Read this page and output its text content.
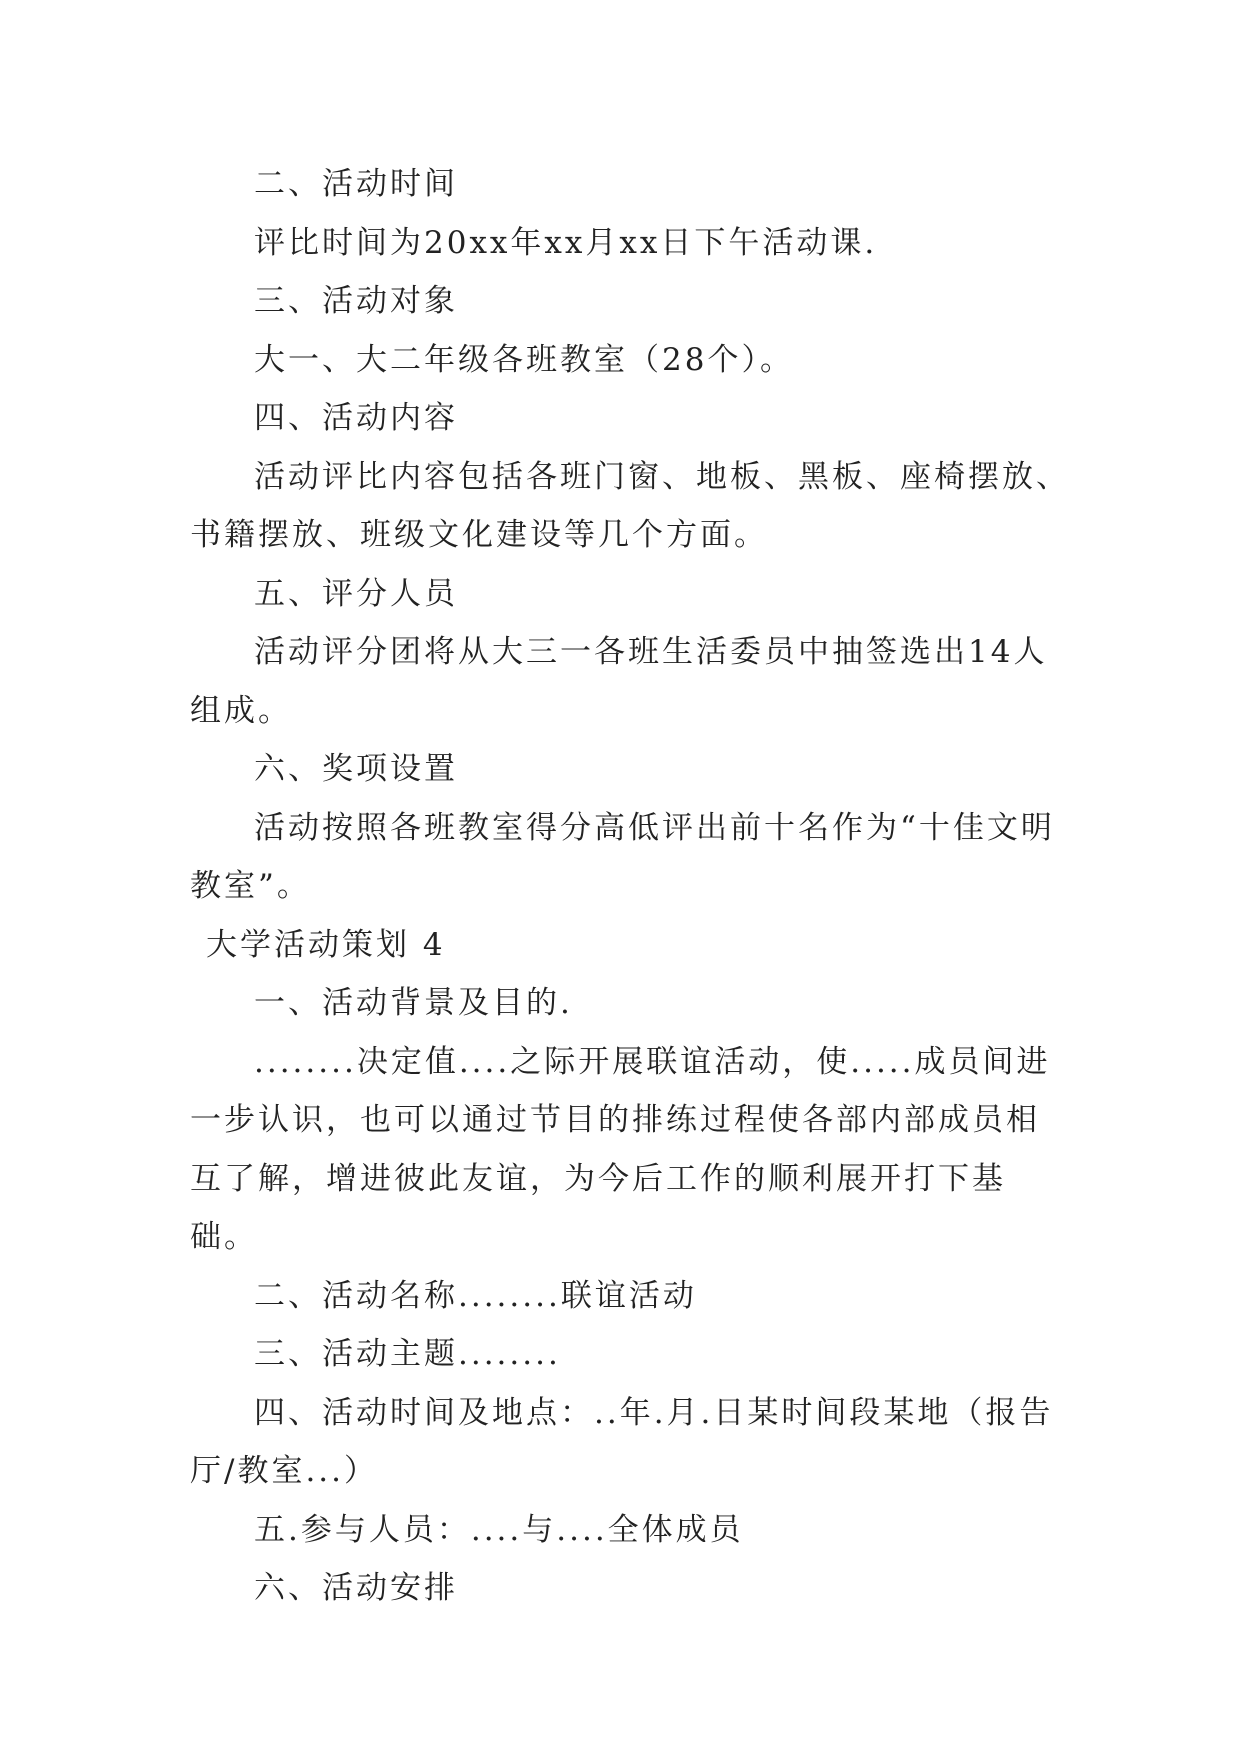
二、活动时间

评比时间为20xx年xx月xx日下午活动课.

三、活动对象

大一、大二年级各班教室（28个）。

四、活动内容

活动评比内容包括各班门窗、地板、黑板、座椅摆放、书籍摆放、班级文化建设等几个方面。

五、评分人员

活动评分团将从大三一各班生活委员中抽签选出14人组成。

六、奖项设置

活动按照各班教室得分高低评出前十名作为“十佳文明教室”。

大学活动策划 4

一、活动背景及目的.

........决定值....之际开展联谊活动，使.....成员间进一步认识，也可以通过节目的排练过程使各部内部成员相互了解，增进彼此友谊，为今后工作的顺利展开打下基础。

二、活动名称........联谊活动

三、活动主题........

四、活动时间及地点：..年.月.日某时间段某地（报告厅/教室...）

五.参与人员：....与....全体成员

六、活动安排
